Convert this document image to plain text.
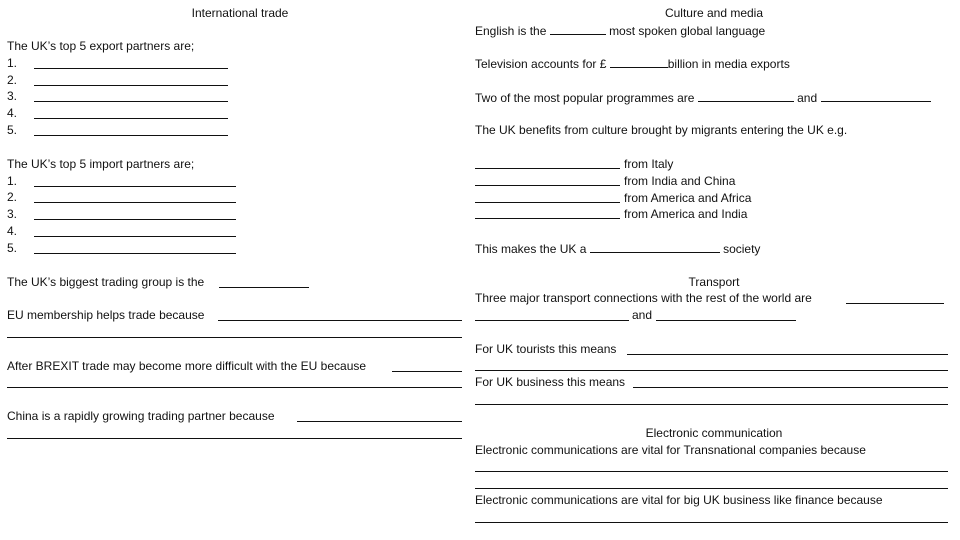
International trade
The UK’s top 5 export partners are;
1.
2.
3.
4.
5.
The UK’s top 5 import partners are;
1.
2.
3.
4.
5.
The UK’s biggest trading group is the
EU membership helps trade because
After BREXIT trade may become more difficult with the EU because
China is a rapidly growing trading partner because
Culture and media
English is the	most spoken global language
Television accounts for £	billion in media exports
Two of the most popular programmes are	and
The UK benefits from culture brought by migrants entering the UK e.g.
from Italy
from India and China
from America and Africa
from America and India
This makes the UK a	society
Transport
Three major transport connections with the rest of the world are
and
For UK tourists this means
For UK business this means
Electronic communication
Electronic communications are vital for Transnational companies because
Electronic communications are vital for big UK business like finance because
